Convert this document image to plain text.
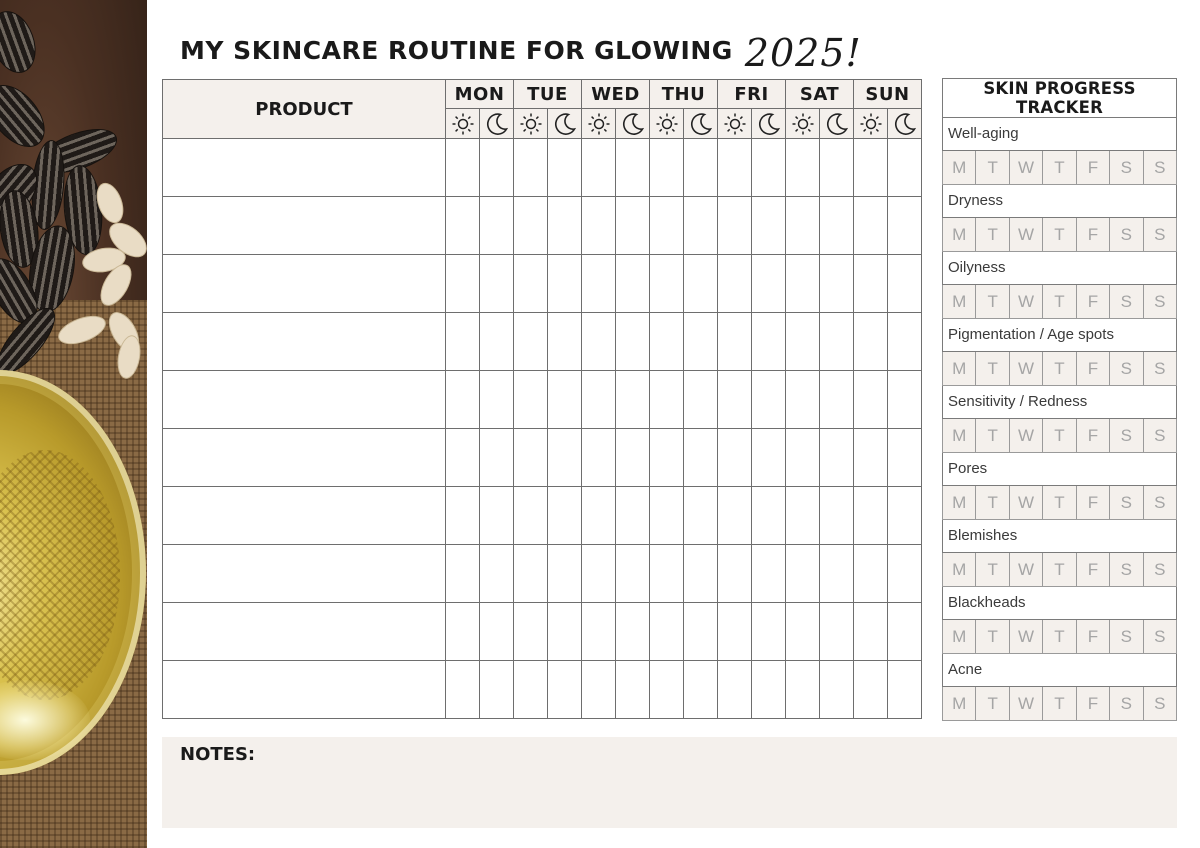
MY SKINCARE ROUTINE FOR GLOWING 2025!
PRODUCT	MON		TUE		WED		THU		FRI		SAT		SUN	

															SKIN PROGRESS TRACKER						
Well-aging						
M	T	W	T	F	S	S
Dryness						
M	T	W	T	F	S	S
Oilyness						
M	T	W	T	F	S	S
Pigmentation / Age spots						
M	T	W	T	F	S	S
Sensitivity / Redness						
M	T	W	T	F	S	S
Pores						
M	T	W	T	F	S	S
Blemishes						
M	T	W	T	F	S	S
Blackheads						
M	T	W	T	F	S	S
Acne						
M	T	W	T	F	S	S
NOTES:
